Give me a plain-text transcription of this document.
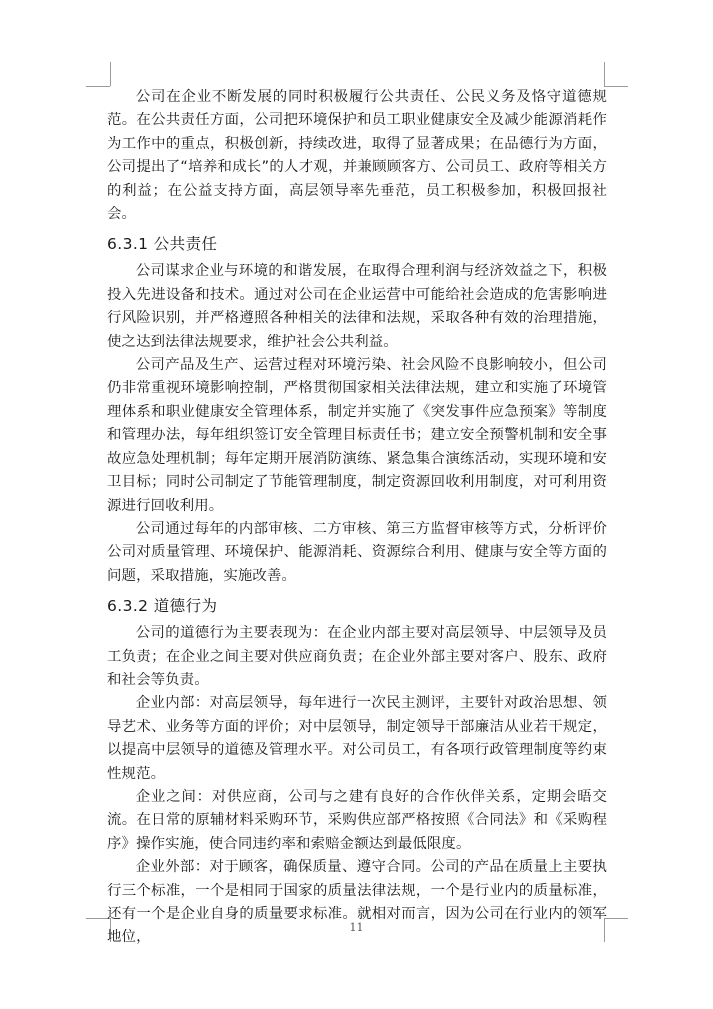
公司在企业不断发展的同时积极履行公共责任、公民义务及恪守道德规范。在公共责任方面，公司把环境保护和员工职业健康安全及减少能源消耗作为工作中的重点，积极创新，持续改进，取得了显著成果；在品德行为方面，公司提出了“培养和成长”的人才观，并兼顾顾客方、公司员工、政府等相关方的利益；在公益支持方面，高层领导率先垂范，员工积极参加，积极回报社会。

6.3.1 公共责任

公司谋求企业与环境的和谐发展，在取得合理利润与经济效益之下，积极投入先进设备和技术。通过对公司在企业运营中可能给社会造成的危害影响进行风险识别，并严格遵照各种相关的法律和法规，采取各种有效的治理措施，使之达到法律法规要求，维护社会公共利益。

公司产品及生产、运营过程对环境污染、社会风险不良影响较小，但公司仍非常重视环境影响控制，严格贯彻国家相关法律法规，建立和实施了环境管理体系和职业健康安全管理体系，制定并实施了《突发事件应急预案》等制度和管理办法，每年组织签订安全管理目标责任书；建立安全预警机制和安全事故应急处理机制；每年定期开展消防演练、紧急集合演练活动，实现环境和安卫目标；同时公司制定了节能管理制度，制定资源回收利用制度，对可利用资源进行回收利用。

公司通过每年的内部审核、二方审核、第三方监督审核等方式，分析评价公司对质量管理、环境保护、能源消耗、资源综合利用、健康与安全等方面的问题，采取措施，实施改善。

6.3.2 道德行为

公司的道德行为主要表现为：在企业内部主要对高层领导、中层领导及员工负责；在企业之间主要对供应商负责；在企业外部主要对客户、股东、政府和社会等负责。

企业内部：对高层领导，每年进行一次民主测评，主要针对政治思想、领导艺术、业务等方面的评价；对中层领导，制定领导干部廉洁从业若干规定，以提高中层领导的道德及管理水平。对公司员工，有各项行政管理制度等约束性规范。

企业之间：对供应商，公司与之建有良好的合作伙伴关系，定期会晤交流。在日常的原辅材料采购环节，采购供应部严格按照《合同法》和《采购程序》操作实施，使合同违约率和索赔金额达到最低限度。

企业外部：对于顾客，确保质量、遵守合同。公司的产品在质量上主要执行三个标准，一个是相同于国家的质量法律法规，一个是行业内的质量标准，还有一个是企业自身的质量要求标准。就相对而言，因为公司在行业内的领军地位，

11
